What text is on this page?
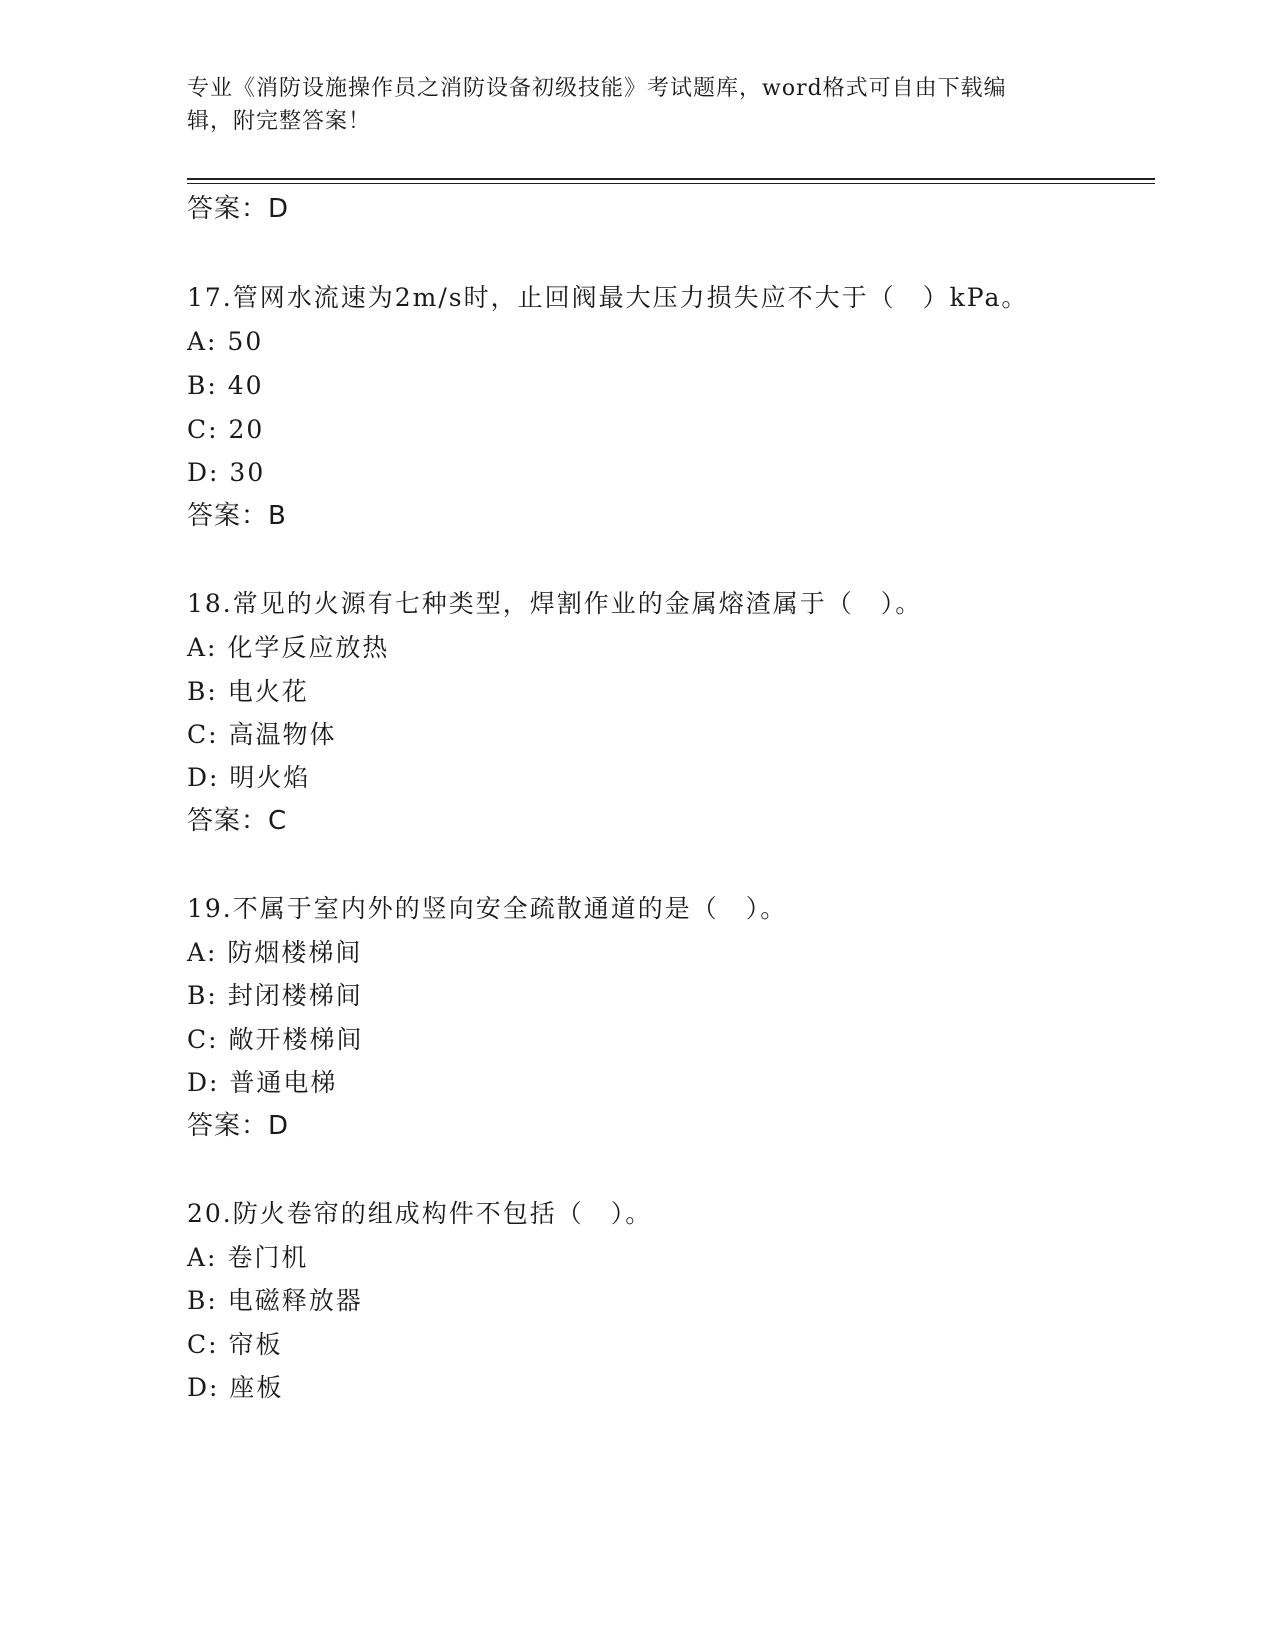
专业《消防设施操作员之消防设备初级技能》考试题库，word格式可自由下载编
辑，附完整答案！
答案：D
17.管网水流速为2m/s时，止回阀最大压力损失应不大于（　）kPa。
A: 50
B: 40
C: 20
D: 30
答案：B
18.常见的火源有七种类型，焊割作业的金属熔渣属于（　）。
A: 化学反应放热
B: 电火花
C: 高温物体
D: 明火焰
答案：C
19.不属于室内外的竖向安全疏散通道的是（　）。
A: 防烟楼梯间
B: 封闭楼梯间
C: 敞开楼梯间
D: 普通电梯
答案：D
20.防火卷帘的组成构件不包括（　）。
A: 卷门机
B: 电磁释放器
C: 帘板
D: 座板
